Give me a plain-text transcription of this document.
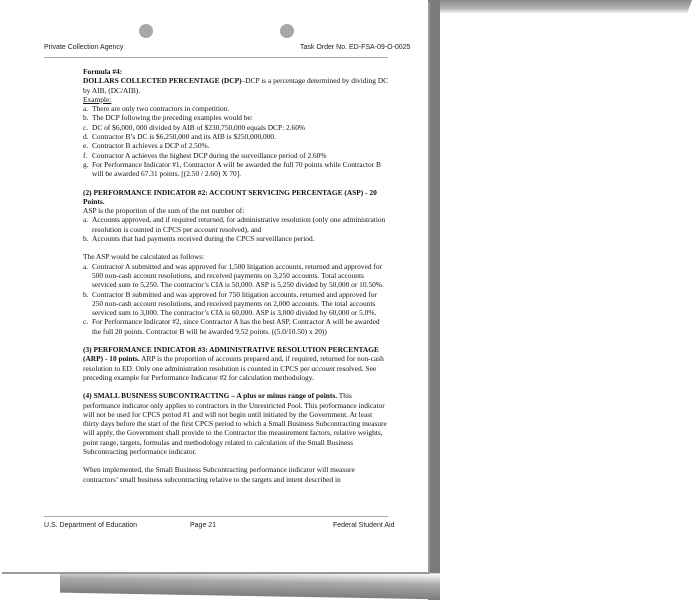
Private Collection Agency	Task Order No. ED-FSA-09-O-0025

Formula #4:

DOLLARS COLLECTED PERCENTAGE (DCP)–DCP is a percentage determined by dividing DC by AIB, (DC/AIB).

Example:

a. There are only two contractors in competition.
b. The DCP following the preceding examples would be:
c. DC of $6,000, 000 divided by AIB of $230,750,000 equals DCP: 2.60%
d. Contractor B’s DC is $6,250,000 and its AIB is $250,000,000.
e. Contractor B achieves a DCP of 2.50%.
f. Contractor A achieves the highest DCP during the surveillance period of 2.60%
g. For Performance Indicator #1, Contractor A will be awarded the full 70 points while Contractor B will be awarded 67.31 points. [(2.50 / 2.60) X 70].

(2) PERFORMANCE INDICATOR #2: ACCOUNT SERVICING PERCENTAGE (ASP) - 20 Points.

ASP is the proportion of the sum of the net number of:

a. Accounts approved, and if required returned, for administrative resolution (only one administration resolution is counted in CPCS per account resolved), and
b. Accounts that had payments received during the CPCS surveillance period.

The ASP would be calculated as follows:

a. Contractor A submitted and was approved for 1,500 litigation accounts, returned and approved for 500 non-cash account resolutions, and received payments on 3,250 accounts. Total accounts serviced sum to 5,250. The contractor’s CIA is 50,000. ASP is 5,250 divided by 50,000 or 10.50%.
b. Contractor B submitted and was approved for 750 litigation accounts, returned and approved for 250 non-cash account resolutions, and received payments on 2,000 accounts. The total accounts serviced sum to 3,000. The contractor’s CIA is 60,000. ASP is 3,000 divided by 60,000 or 5.0%.
c. For Performance Indicator #2, since Contractor A has the best ASP, Contractor A will be awarded the full 20 points. Contractor B will be awarded 9.52 points. ((5.0/10.50) x 20))

(3) PERFORMANCE INDICATOR #3: ADMINISTRATIVE RESOLUTION PERCENTAGE (ARP) - 10 points. ARP is the proportion of accounts prepared and, if required, returned for non-cash resolution to ED. Only one administration resolution is counted in CPCS per account resolved. See preceding example for Performance Indicator #2 for calculation methodology.

(4) SMALL BUSINESS SUBCONTRACTING – A plus or minus range of points. This performance indicator only applies to contractors in the Unrestricted Pool. This performance indicator will not be used for CPCS period #1 and will not begin until initiated by the Government. At least thirty days before the start of the first CPCS period to which a Small Business Subcontracting measure will apply, the Government shall provide to the Contractor the measurement factors, relative weights, point range, targets, formulas and methodology related to calculation of the Small Business Subcontracting performance indicator.

When implemented, the Small Business Subcontracting performance indicator will measure contractors’ small business subcontracting relative to the targets and intent described in

U.S. Department of Education	Page 21	Federal Student Aid
